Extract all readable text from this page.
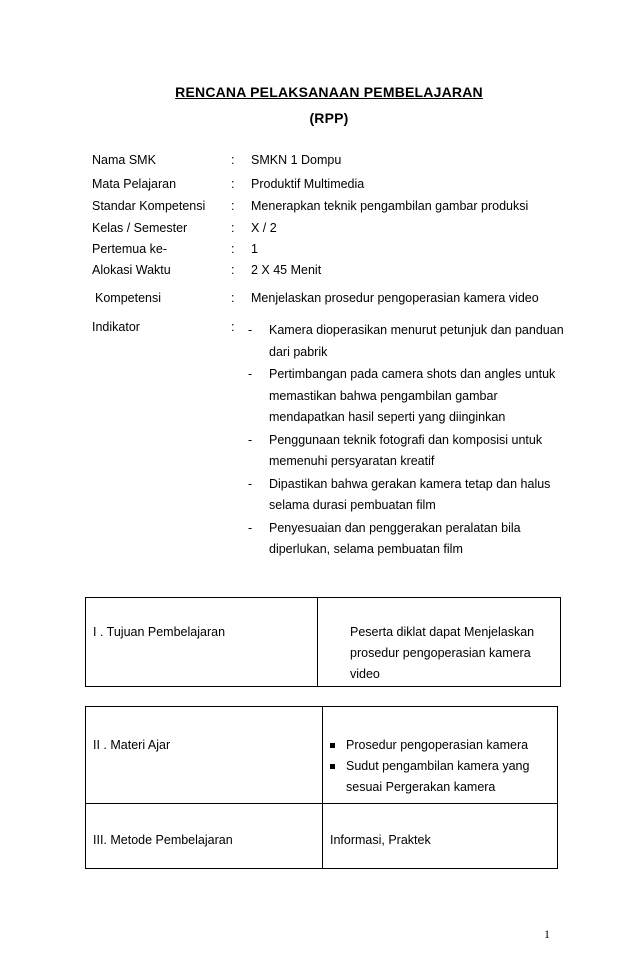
RENCANA PELAKSANAAN PEMBELAJARAN
(RPP)
Nama SMK	: SMKN 1 Dompu
Mata Pelajaran	: Produktif Multimedia
Standar Kompetensi : Menerapkan teknik pengambilan gambar produksi
Kelas / Semester	: X / 2
Pertemua ke-	: 1
Alokasi Waktu	: 2 X 45 Menit
Kompetensi	: Menjelaskan prosedur pengoperasian kamera video
Indikator	: - Kamera dioperasikan menurut petunjuk dan panduan dari pabrik
- Pertimbangan pada camera shots dan angles untuk memastikan bahwa pengambilan gambar mendapatkan hasil seperti yang diinginkan
- Penggunaan teknik fotografi dan komposisi untuk memenuhi persyaratan kreatif
- Dipastikan bahwa gerakan kamera tetap dan halus selama durasi pembuatan film
- Penyesuaian dan penggerakan peralatan bila diperlukan, selama pembuatan film
I . Tujuan Pembelajaran	Peserta diklat dapat Menjelaskan prosedur pengoperasian kamera video
II . Materi Ajar	Prosedur pengoperasian kamera
Sudut pengambilan kamera yang sesuai Pergerakan kamera

III. Metode Pembelajaran	Informasi, Praktek
1
